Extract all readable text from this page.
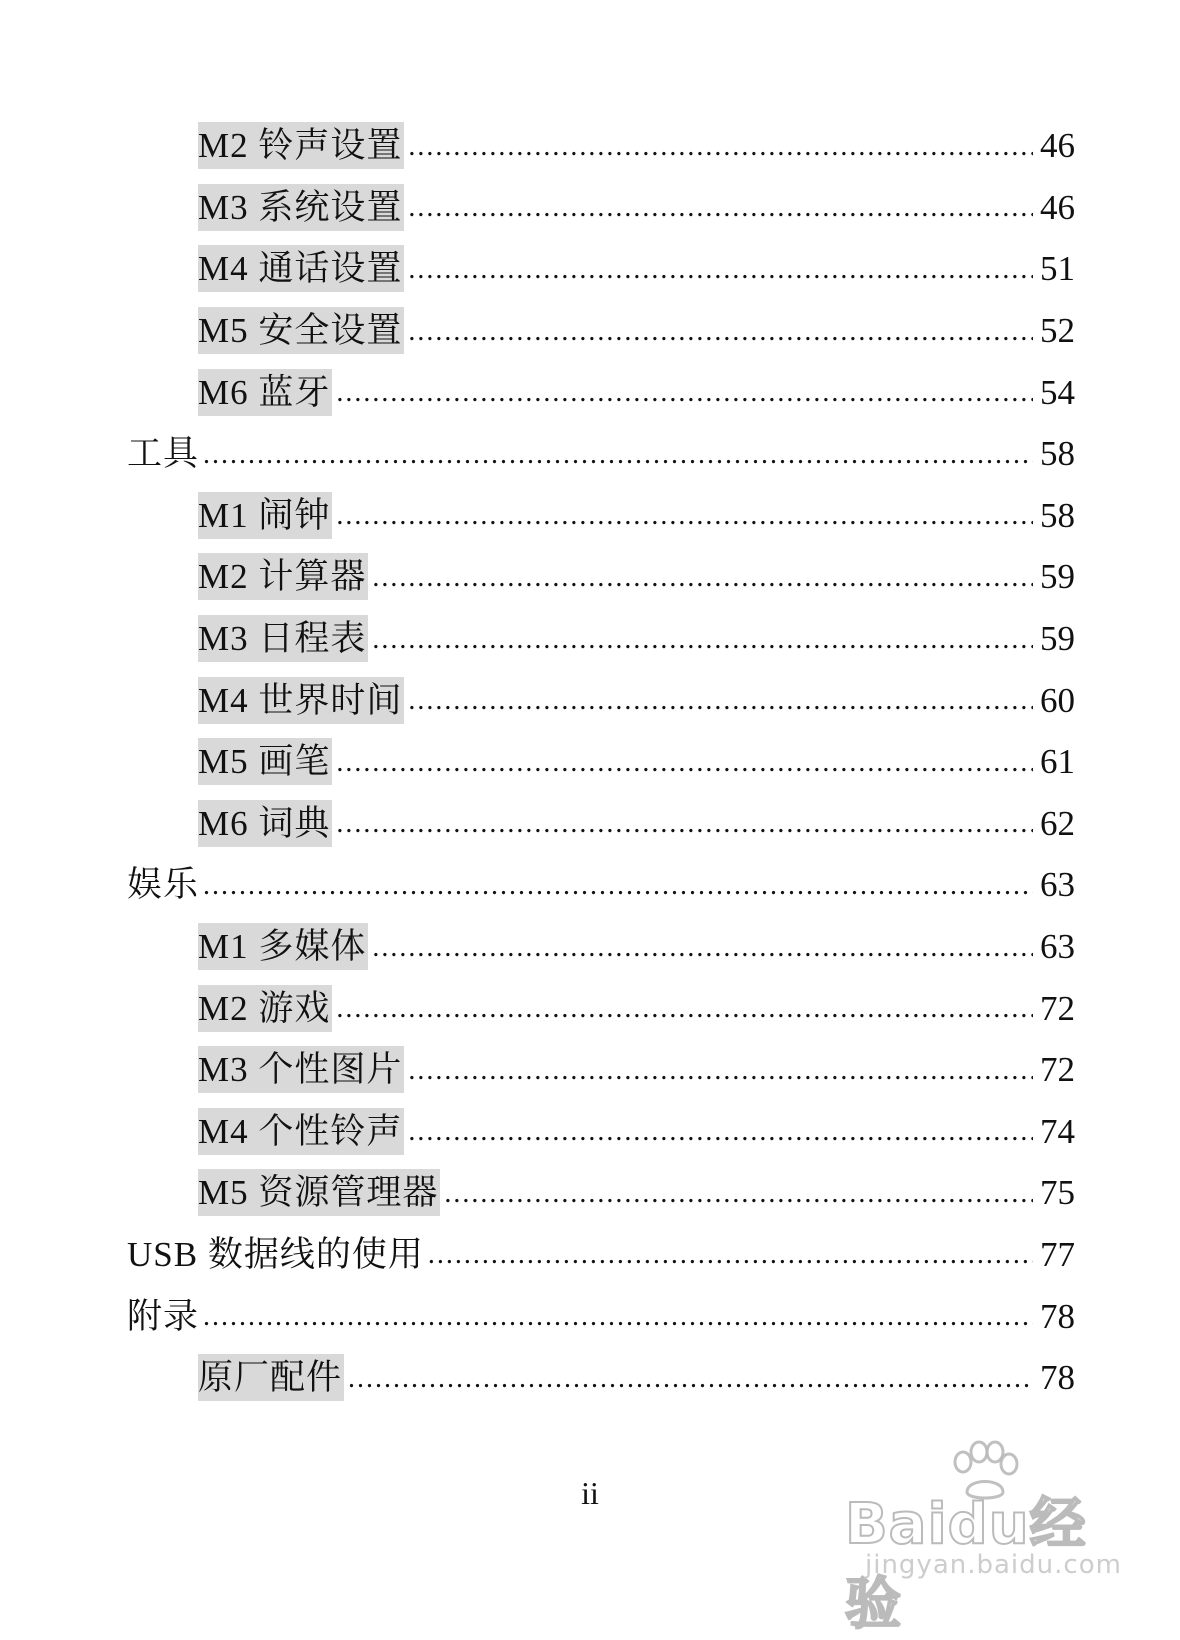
M2 铃声设置 .....	46
M3 系统设置 .....	46
M4 通话设置 .....	51
M5 安全设置 .....	52
M6 蓝牙 .....	54
工具 .....	58
M1 闹钟 .....	58
M2 计算器 .....	59
M3 日程表 .....	59
M4 世界时间 .....	60
M5 画笔 .....	61
M6 词典 .....	62
娱乐 .....	63
M1 多媒体 .....	63
M2 游戏 .....	72
M3 个性图片 .....	72
M4 个性铃声 .....	74
M5 资源管理器 .....	75
USB 数据线的使用 .....	77
附录 .....	78
原厂配件 .....	78
ii	Baidu经验
jingyan.baidu.com
